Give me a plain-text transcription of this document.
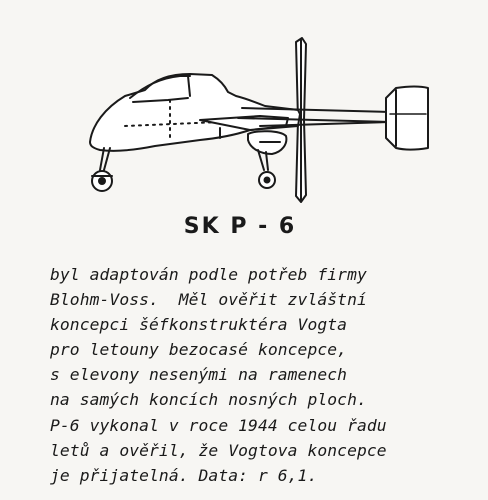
SK P - 6
byl adaptován podle potřeb firmy
Blohm-Voss.  Měl ověřit zvláštní
koncepci šéfkonstruktéra Vogta
pro letouny bezocasé koncepce,
s elevony nesenými na ramenech
na samých koncích nosných ploch.
P-6 vykonal v roce 1944 celou řadu
letů a ověřil, že Vogtova koncepce
je přijatelná. Data: r 6,1.
